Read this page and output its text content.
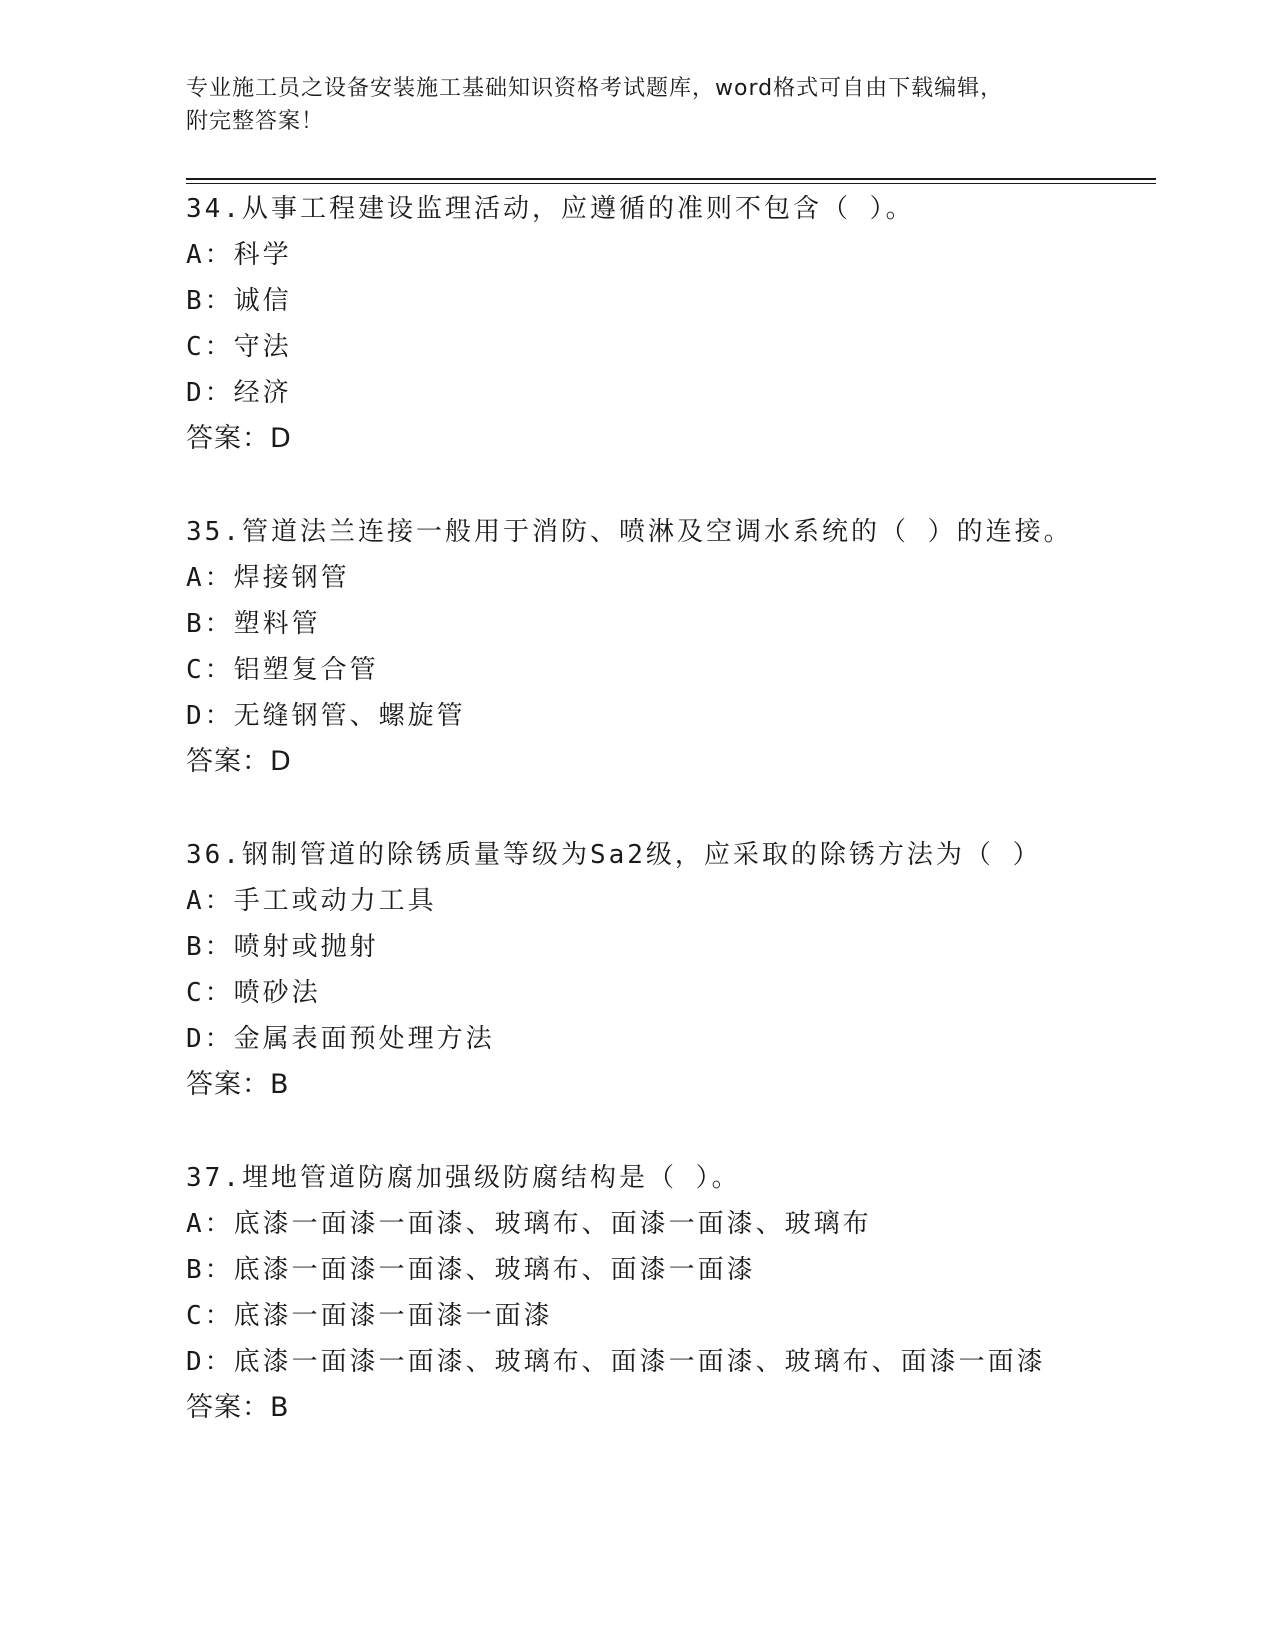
专业施工员之设备安装施工基础知识资格考试题库，word格式可自由下载编辑，

附完整答案！

34.从事工程建设监理活动，应遵循的准则不包含（ ）。
A：科学
B：诚信
C：守法
D：经济
答案：D
35.管道法兰连接一般用于消防、喷淋及空调水系统的（ ）的连接。
A：焊接钢管
B：塑料管
C：铝塑复合管
D：无缝钢管、螺旋管
答案：D
36.钢制管道的除锈质量等级为Sa2级，应采取的除锈方法为（ ）
A：手工或动力工具
B：喷射或抛射
C：喷砂法
D：金属表面预处理方法
答案：B
37.埋地管道防腐加强级防腐结构是（ ）。
A：底漆一面漆一面漆、玻璃布、面漆一面漆、玻璃布
B：底漆一面漆一面漆、玻璃布、面漆一面漆
C：底漆一面漆一面漆一面漆
D：底漆一面漆一面漆、玻璃布、面漆一面漆、玻璃布、面漆一面漆
答案：B
